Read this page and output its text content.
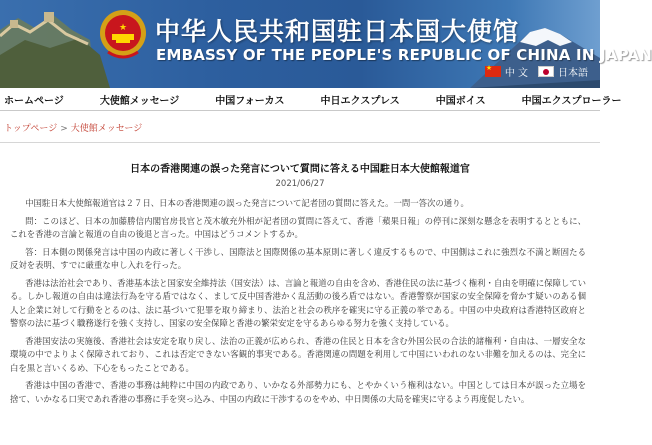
★ 中华人民共和国驻日本国大使馆
EMBASSY OF THE PEOPLE'S REPUBLIC OF CHINA IN JAPAN
★
中 文	日本語
ホームページ	大使館メッセージ	中国フォーカス	中日エクスプレス	中国ボイス	中国エクスプローラー
トップページ > 大使館メッセージ
日本の香港関連の誤った発言について質問に答える中国駐日本大使館報道官
2021/06/27

中国駐日本大使館報道官は２７日、日本の香港関連の誤った発言について記者団の質問に答えた。一問一答次の通り。

問：このほど、日本の加藤勝信内閣官房長官と茂木敏充外相が記者団の質問に答えて、香港「蘋果日報」の停刊に深刻な懸念を表明するとともに、これを香港の言論と報道の自由の後退と言った。中国はどうコメントするか。

答：日本側の関係発言は中国の内政に著しく干渉し、国際法と国際関係の基本原則に著しく違反するもので、中国側はこれに強烈な不満と断固たる反対を表明、すでに厳重な申し入れを行った。

香港は法治社会であり、香港基本法と国家安全維持法（国安法）は、言論と報道の自由を含め、香港住民の法に基づく権利・自由を明確に保障している。しかし報道の自由は違法行為を守る盾ではなく、まして反中国香港かく乱活動の後ろ盾ではない。香港警察が国家の安全保障を脅かす疑いのある個人と企業に対して行動をとるのは、法に基づいて犯罪を取り締まり、法治と社会の秩序を確実に守る正義の挙である。中国の中央政府は香港特区政府と警察の法に基づく職務遂行を強く支持し、国家の安全保障と香港の繁栄安定を守るあらゆる努力を強く支持している。

香港国安法の実施後、香港社会は安定を取り戻し、法治の正義が広められ、香港の住民と日本を含む外国公民の合法的諸権利・自由は、一層安全な環境の中でよりよく保障されており、これは否定できない客観的事実である。香港関連の問題を利用して中国にいわれのない非難を加えるのは、完全に白を黒と言いくるめ、下心をもったことである。

香港は中国の香港で、香港の事務は純粋に中国の内政であり、いかなる外部勢力にも、とやかくいう権利はない。中国としては日本が誤った立場を捨て、いかなる口実であれ香港の事務に手を突っ込み、中国の内政に干渉するのをやめ、中日関係の大局を確実に守るよう再度促したい。
